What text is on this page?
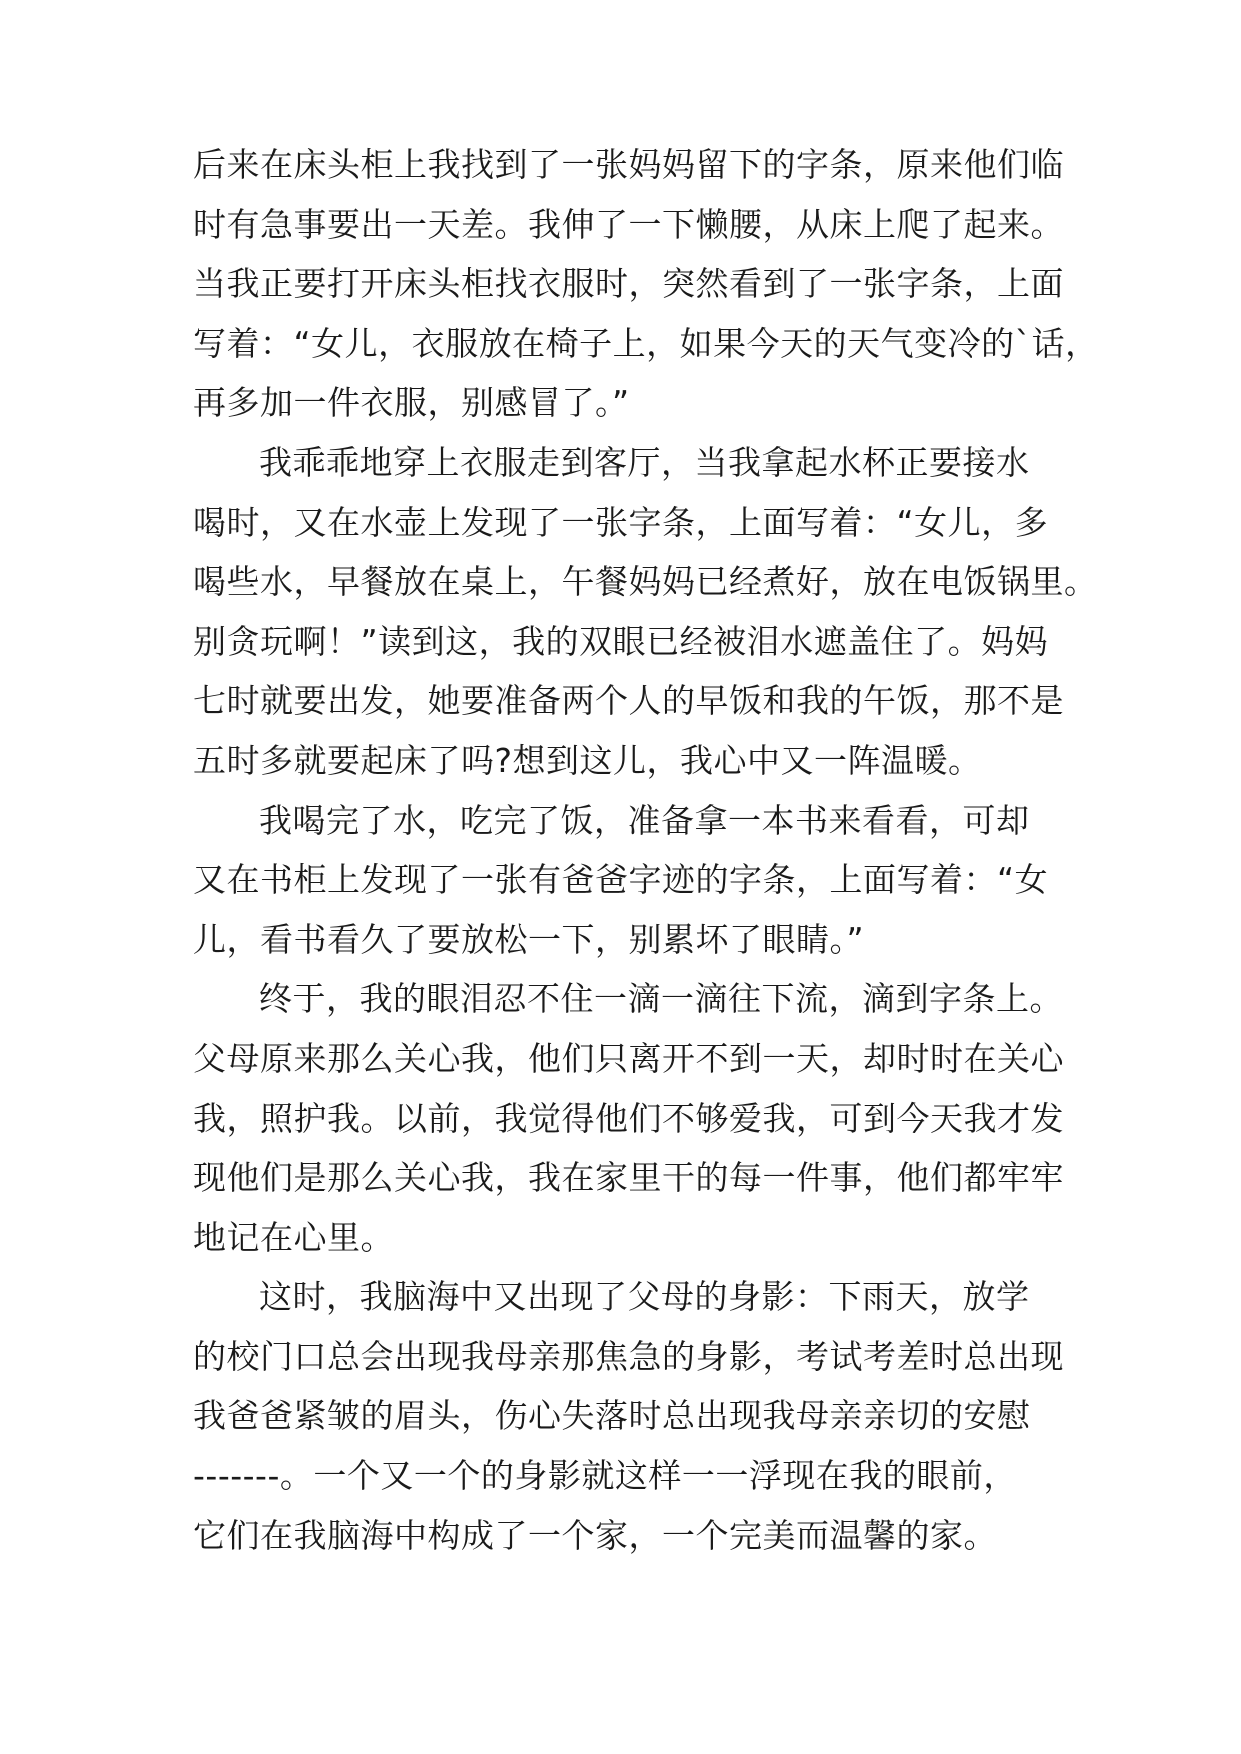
后来在床头柜上我找到了一张妈妈留下的字条，原来他们临
时有急事要出一天差。我伸了一下懒腰，从床上爬了起来。
当我正要打开床头柜找衣服时，突然看到了一张字条，上面
写着：“女儿，衣服放在椅子上，如果今天的天气变冷的`话，
再多加一件衣服，别感冒了。”
我乖乖地穿上衣服走到客厅，当我拿起水杯正要接水
喝时，又在水壶上发现了一张字条，上面写着：“女儿，多
喝些水，早餐放在桌上，午餐妈妈已经煮好，放在电饭锅里。
别贪玩啊！”读到这，我的双眼已经被泪水遮盖住了。妈妈
七时就要出发，她要准备两个人的早饭和我的午饭，那不是
五时多就要起床了吗?想到这儿，我心中又一阵温暖。
我喝完了水，吃完了饭，准备拿一本书来看看，可却
又在书柜上发现了一张有爸爸字迹的字条，上面写着：“女
儿，看书看久了要放松一下，别累坏了眼睛。”
终于，我的眼泪忍不住一滴一滴往下流，滴到字条上。
父母原来那么关心我，他们只离开不到一天，却时时在关心
我，照护我。以前，我觉得他们不够爱我，可到今天我才发
现他们是那么关心我，我在家里干的每一件事，他们都牢牢
地记在心里。
这时，我脑海中又出现了父母的身影：下雨天，放学
的校门口总会出现我母亲那焦急的身影，考试考差时总出现
我爸爸紧皱的眉头，伤心失落时总出现我母亲亲切的安慰
-------。一个又一个的身影就这样一一浮现在我的眼前，
它们在我脑海中构成了一个家，一个完美而温馨的家。
